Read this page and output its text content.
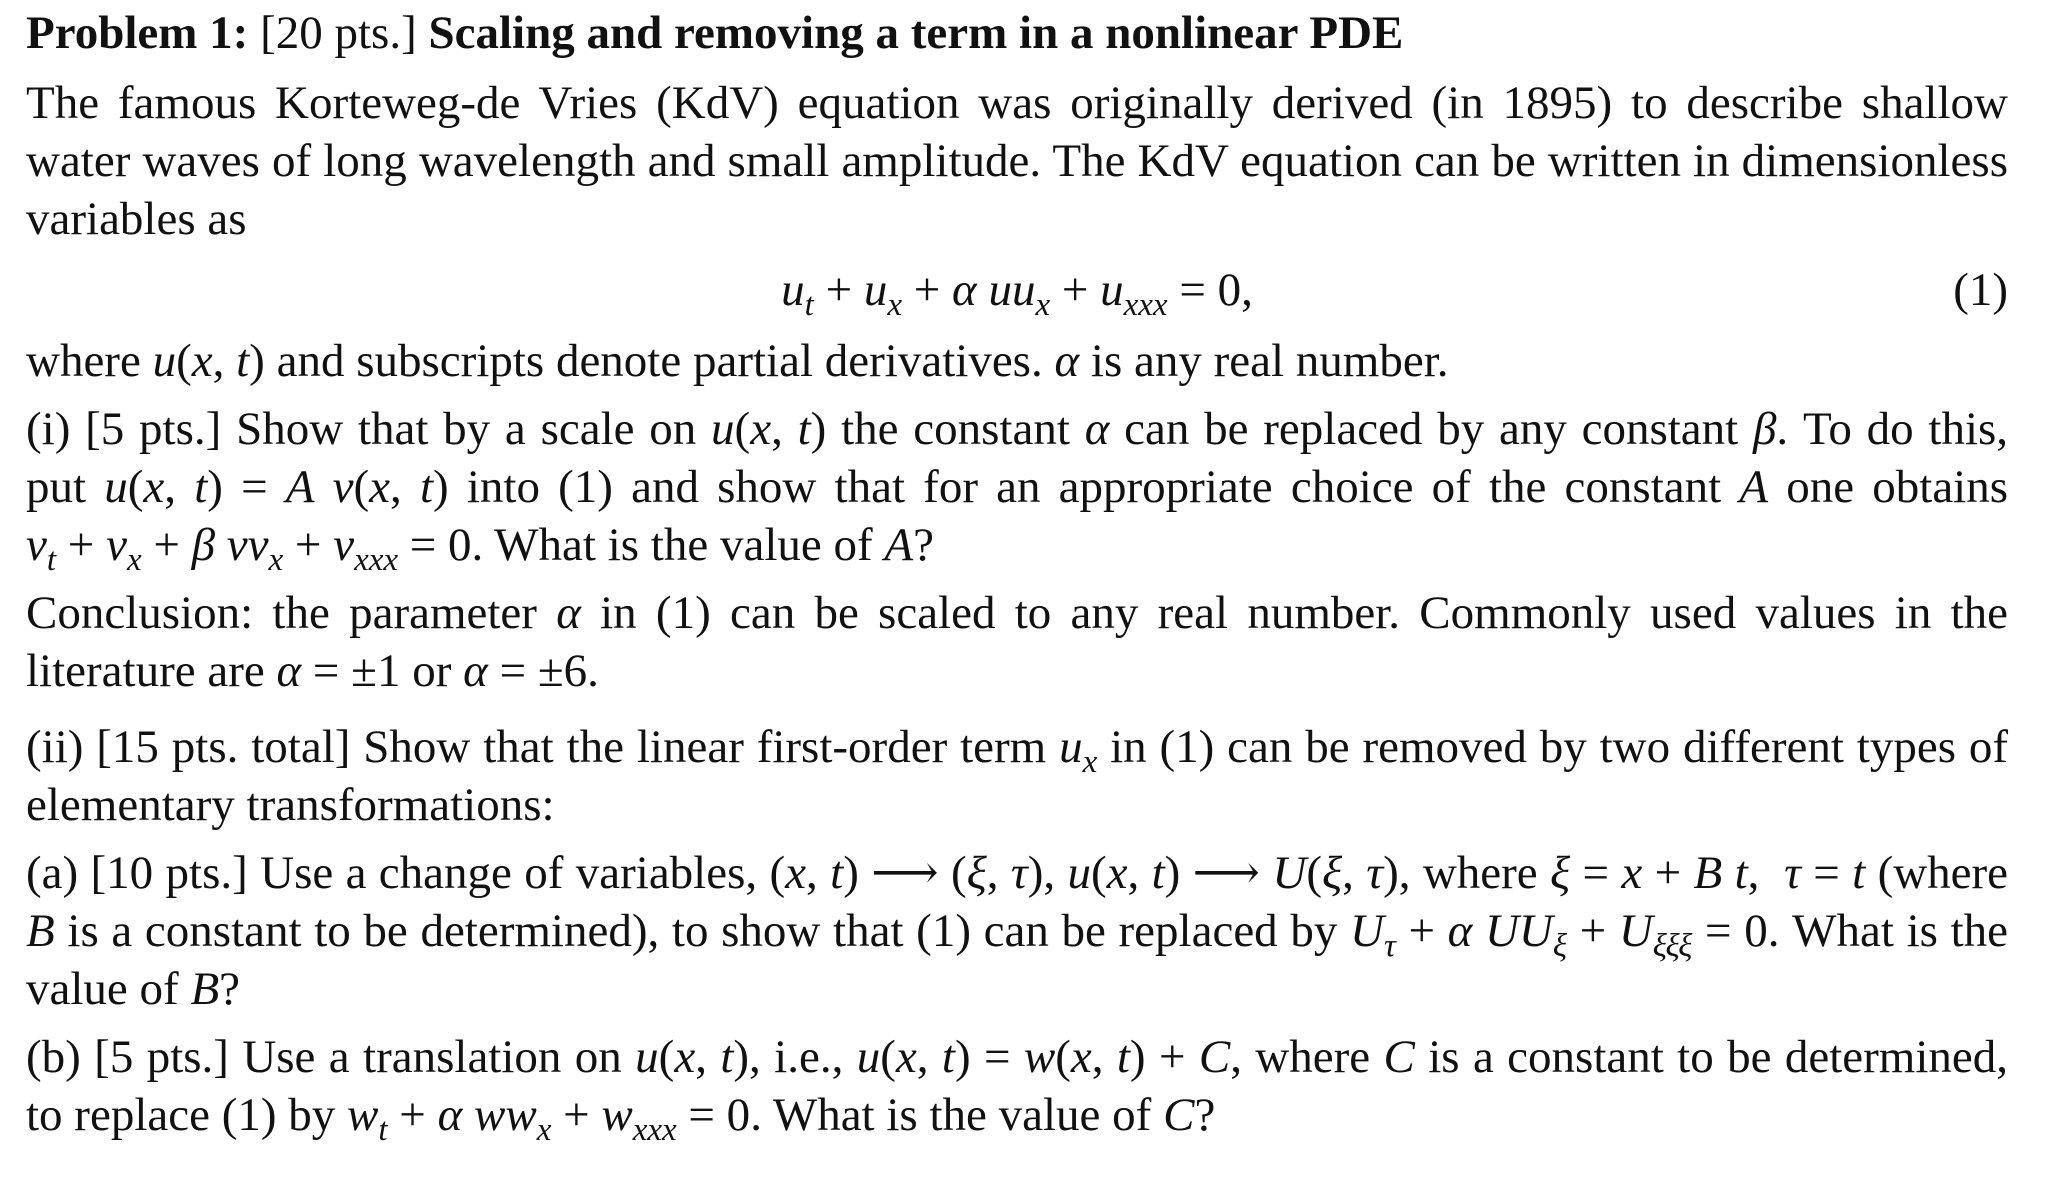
Problem 1: [20 pts.] Scaling and removing a term in a nonlinear PDE
The famous Korteweg-de Vries (KdV) equation was originally derived (in 1895) to describe shallow water waves of long wavelength and small amplitude. The KdV equation can be written in dimensionless variables as
$u_t + u_x + \alpha$ $uu_x + u_{xxx} = 0$,	(1)
where u(x, t) and subscripts denote partial derivatives. α is any real number.
(i) [5 pts.] Show that by a scale on u(x, t) the constant α can be replaced by any constant β. To do this, put u(x, t) = A v(x, t) into (1) and show that for an appropriate choice of the constant A one obtains $v_t + v_x + \beta$ $vv_x + v_{xxx} = 0$. What is the value of A?
Conclusion: the parameter α in (1) can be scaled to any real number. Commonly used values in the literature are α = ±1 or α = ±6.
(ii) [15 pts. total] Show that the linear first-order term $u_x$ in (1) can be removed by two different types of elementary transformations:
(a) [10 pts.] Use a change of variables, (x, t) ⟶ (ξ, τ), u(x, t) ⟶ U(ξ, τ), where ξ = x + B t,  τ = t (where B is a constant to be determined), to show that (1) can be replaced by $U_\tau + \alpha$ $UU_\xi + U_{\xi\xi\xi} = 0$. What is the value of B?
(b) [5 pts.] Use a translation on u(x, t), i.e., u(x, t) = w(x, t) + C, where C is a constant to be determined, to replace (1) by $w_t + \alpha$ $ww_x + w_{xxx} = 0$. What is the value of C?
